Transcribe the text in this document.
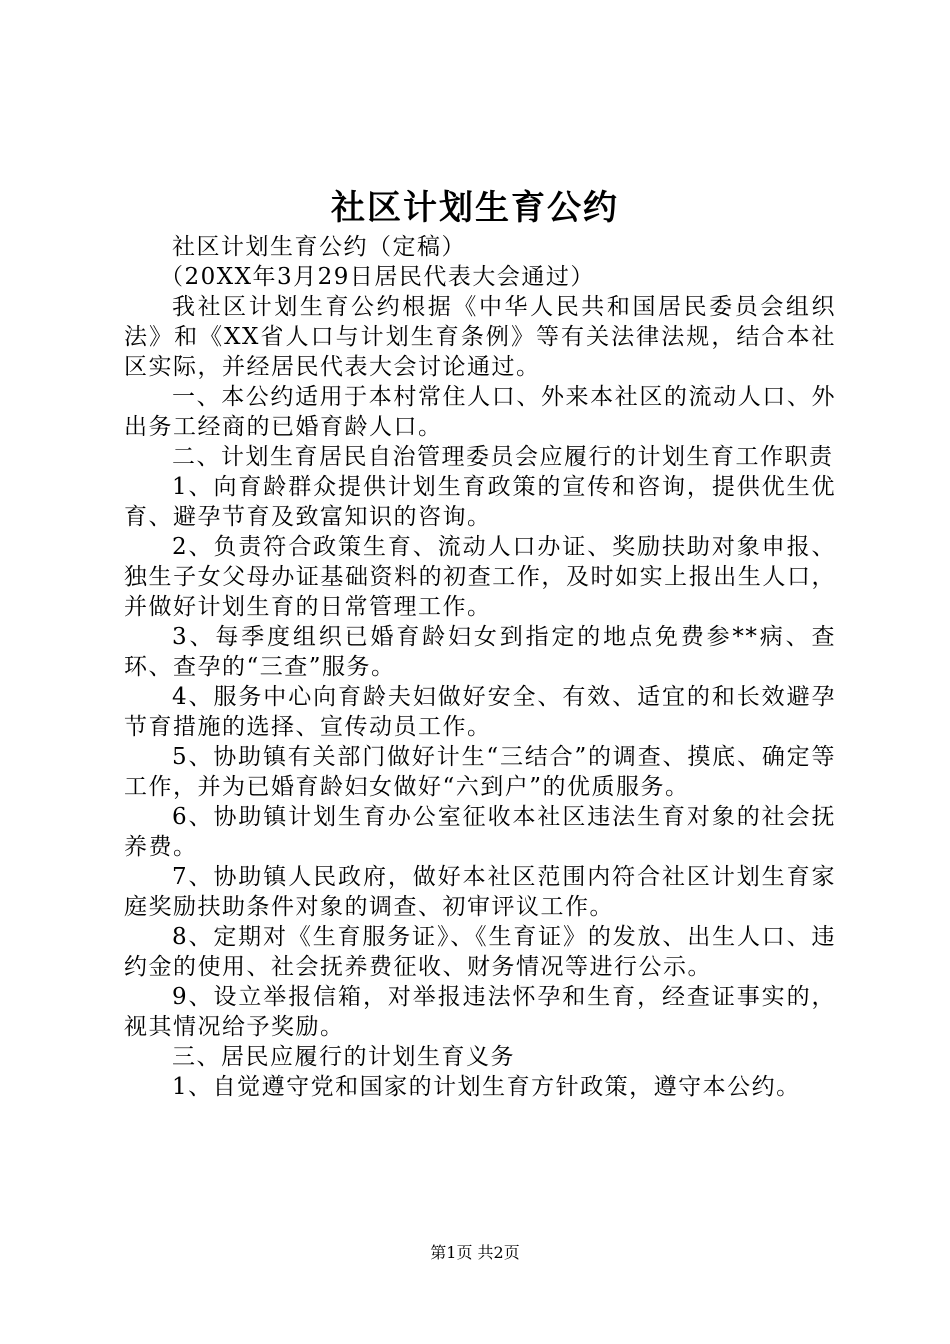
社区计划生育公约

社区计划生育公约（定稿）

（20XX年3月29日居民代表大会通过）

我社区计划生育公约根据《中华人民共和国居民委员会组织法》和《XX省人口与计划生育条例》等有关法律法规，结合本社区实际，并经居民代表大会讨论通过。

一、本公约适用于本村常住人口、外来本社区的流动人口、外出务工经商的已婚育龄人口。

二、计划生育居民自治管理委员会应履行的计划生育工作职责

1、向育龄群众提供计划生育政策的宣传和咨询，提供优生优育、避孕节育及致富知识的咨询。

2、负责符合政策生育、流动人口办证、奖励扶助对象申报、独生子女父母办证基础资料的初查工作，及时如实上报出生人口，并做好计划生育的日常管理工作。

3、每季度组织已婚育龄妇女到指定的地点免费参**病、查环、查孕的“三查”服务。

4、服务中心向育龄夫妇做好安全、有效、适宜的和长效避孕节育措施的选择、宣传动员工作。

5、协助镇有关部门做好计生“三结合”的调查、摸底、确定等工作，并为已婚育龄妇女做好“六到户”的优质服务。

6、协助镇计划生育办公室征收本社区违法生育对象的社会抚养费。

7、协助镇人民政府，做好本社区范围内符合社区计划生育家庭奖励扶助条件对象的调查、初审评议工作。

8、定期对《生育服务证》、《生育证》的发放、出生人口、违约金的使用、社会抚养费征收、财务情况等进行公示。

9、设立举报信箱，对举报违法怀孕和生育，经查证事实的，视其情况给予奖励。

三、居民应履行的计划生育义务

1、自觉遵守党和国家的计划生育方针政策，遵守本公约。

第1页 共2页
